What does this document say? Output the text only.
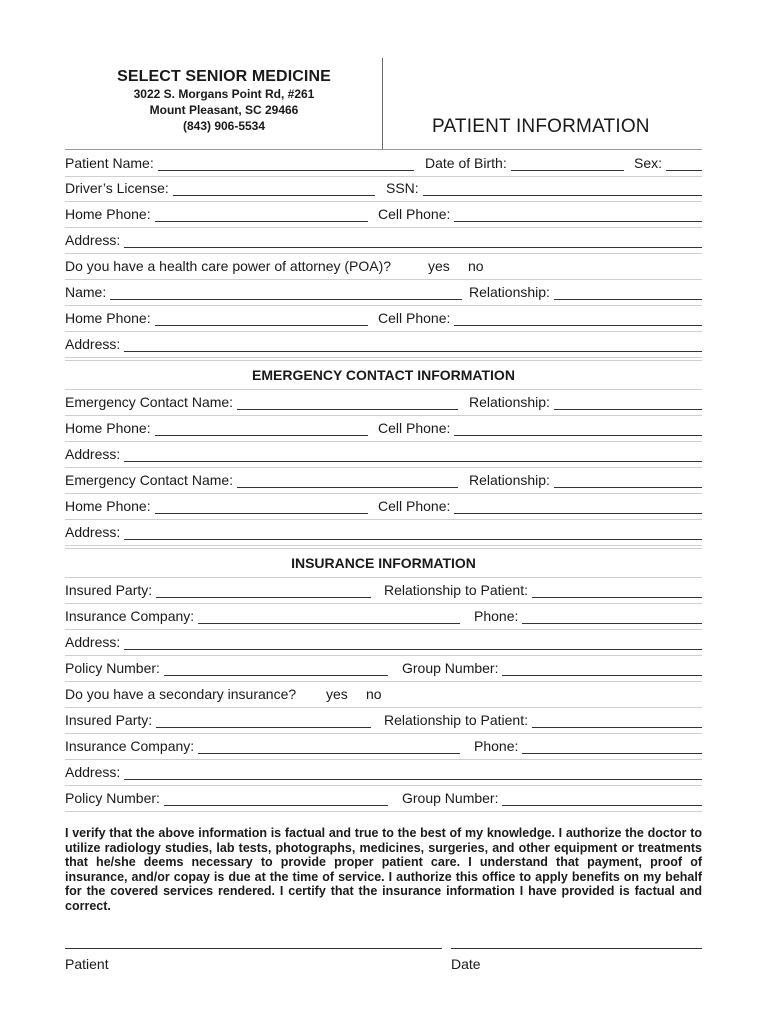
SELECT SENIOR MEDICINE
3022 S. Morgans Point Rd, #261
Mount Pleasant, SC 29466
(843) 906-5534	PATIENT INFORMATION
Patient Name:	Date of Birth:	Sex:
Driver’s License:	SSN:
Home Phone:	Cell Phone:
Address:
Do you have a health care power of attorney (POA)?	yes no
Name:	Relationship:
Home Phone:	Cell Phone:
Address:
EMERGENCY CONTACT INFORMATION
Emergency Contact Name:	Relationship:
Home Phone:	Cell Phone:
Address:
Emergency Contact Name:	Relationship:
Home Phone:	Cell Phone:
Address:
INSURANCE INFORMATION
Insured Party:	Relationship to Patient:
Insurance Company:	Phone:
Address:
Policy Number:	Group Number:
Do you have a secondary insurance? yes no
Insured Party:	Relationship to Patient:
Insurance Company:	Phone:
Address:
Policy Number:	Group Number:
I verify that the above information is factual and true to the best of my knowledge. I authorize the doctor to utilize radiology studies, lab tests, photographs, medicines, surgeries, and other equipment or treatments that he/she deems necessary to provide proper patient care. I understand that payment, proof of insurance, and/or copay is due at the time of service. I authorize this office to apply benefits on my behalf for the covered services rendered. I certify that the insurance information I have provided is factual and correct.
Patient	Date
